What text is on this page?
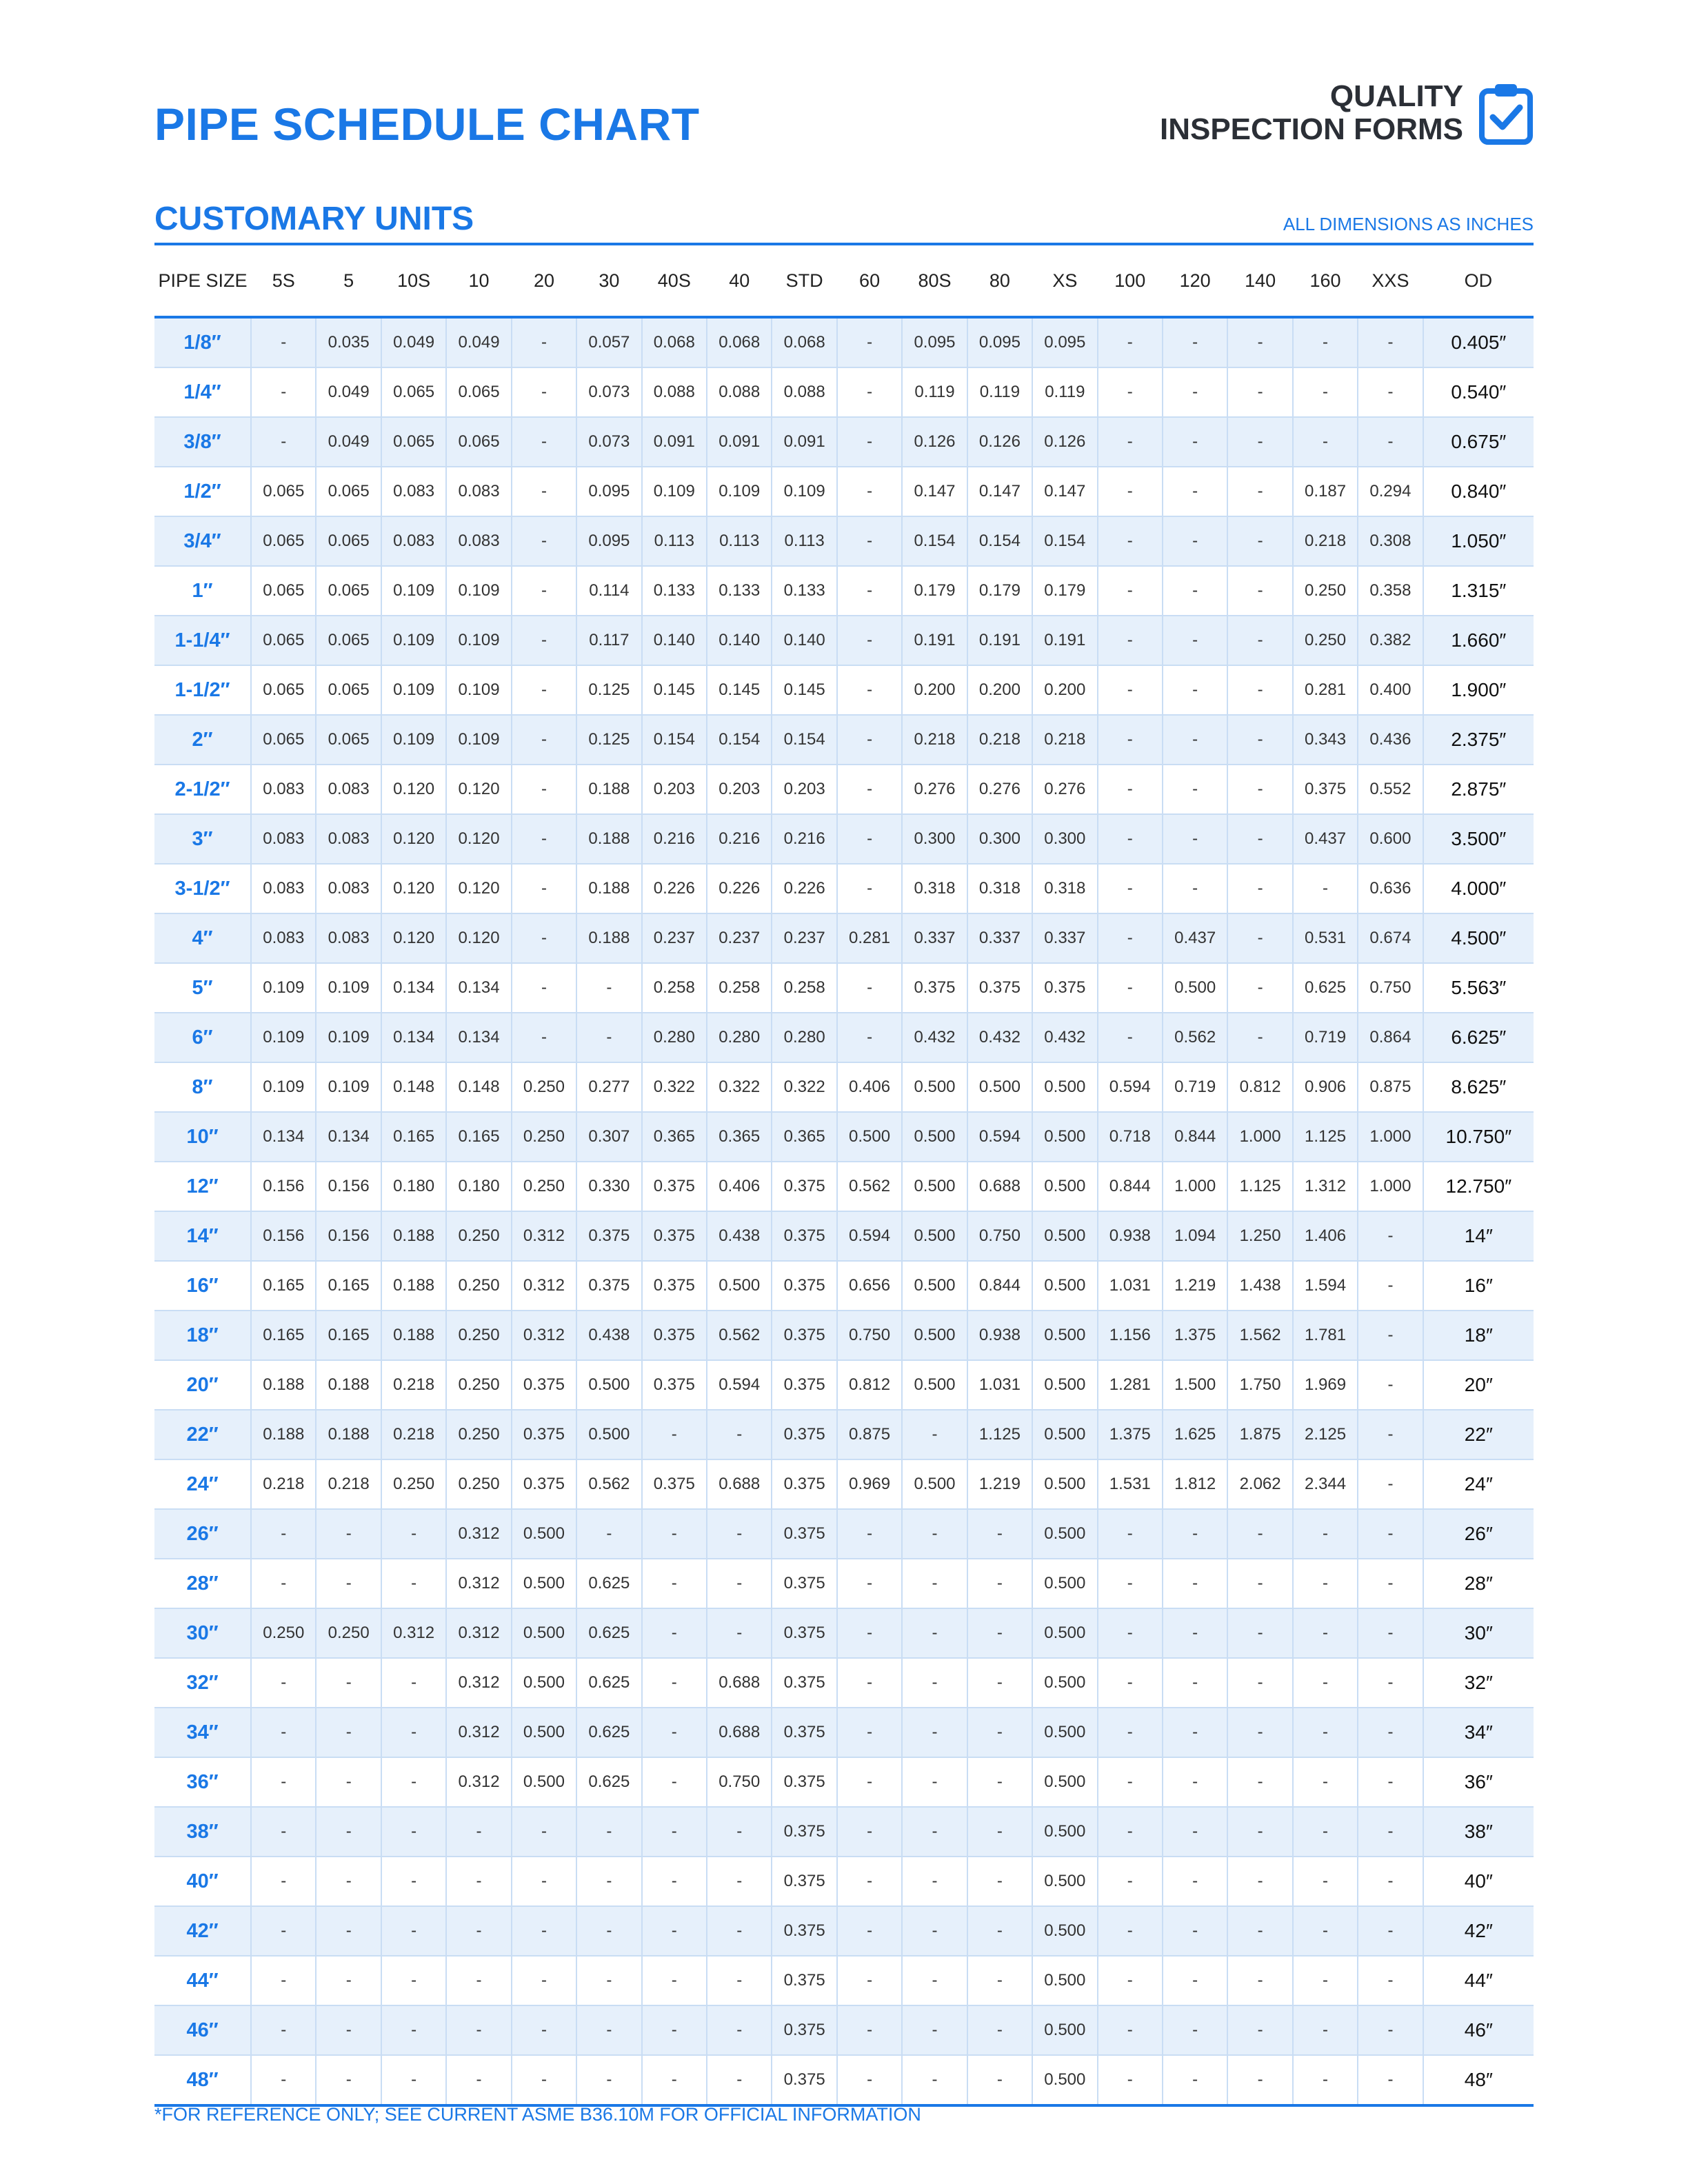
PIPE SCHEDULE CHART
QUALITY
INSPECTION FORMS
CUSTOMARY UNITS	ALL DIMENSIONS AS INCHES
PIPE SIZE	5S	5	10S	10	20	30	40S	40	STD	60	80S	80	XS	100	120	140	160	XXS	OD
1/8″	-	0.035	0.049	0.049	-	0.057	0.068	0.068	0.068	-	0.095	0.095	0.095	-	-	-	-	-	0.405″
1/4″	-	0.049	0.065	0.065	-	0.073	0.088	0.088	0.088	-	0.119	0.119	0.119	-	-	-	-	-	0.540″
3/8″	-	0.049	0.065	0.065	-	0.073	0.091	0.091	0.091	-	0.126	0.126	0.126	-	-	-	-	-	0.675″
1/2″	0.065	0.065	0.083	0.083	-	0.095	0.109	0.109	0.109	-	0.147	0.147	0.147	-	-	-	0.187	0.294	0.840″
3/4″	0.065	0.065	0.083	0.083	-	0.095	0.113	0.113	0.113	-	0.154	0.154	0.154	-	-	-	0.218	0.308	1.050″
1″	0.065	0.065	0.109	0.109	-	0.114	0.133	0.133	0.133	-	0.179	0.179	0.179	-	-	-	0.250	0.358	1.315″
1-1/4″	0.065	0.065	0.109	0.109	-	0.117	0.140	0.140	0.140	-	0.191	0.191	0.191	-	-	-	0.250	0.382	1.660″
1-1/2″	0.065	0.065	0.109	0.109	-	0.125	0.145	0.145	0.145	-	0.200	0.200	0.200	-	-	-	0.281	0.400	1.900″
2″	0.065	0.065	0.109	0.109	-	0.125	0.154	0.154	0.154	-	0.218	0.218	0.218	-	-	-	0.343	0.436	2.375″
2-1/2″	0.083	0.083	0.120	0.120	-	0.188	0.203	0.203	0.203	-	0.276	0.276	0.276	-	-	-	0.375	0.552	2.875″
3″	0.083	0.083	0.120	0.120	-	0.188	0.216	0.216	0.216	-	0.300	0.300	0.300	-	-	-	0.437	0.600	3.500″
3-1/2″	0.083	0.083	0.120	0.120	-	0.188	0.226	0.226	0.226	-	0.318	0.318	0.318	-	-	-	-	0.636	4.000″
4″	0.083	0.083	0.120	0.120	-	0.188	0.237	0.237	0.237	0.281	0.337	0.337	0.337	-	0.437	-	0.531	0.674	4.500″
5″	0.109	0.109	0.134	0.134	-	-	0.258	0.258	0.258	-	0.375	0.375	0.375	-	0.500	-	0.625	0.750	5.563″
6″	0.109	0.109	0.134	0.134	-	-	0.280	0.280	0.280	-	0.432	0.432	0.432	-	0.562	-	0.719	0.864	6.625″
8″	0.109	0.109	0.148	0.148	0.250	0.277	0.322	0.322	0.322	0.406	0.500	0.500	0.500	0.594	0.719	0.812	0.906	0.875	8.625″
10″	0.134	0.134	0.165	0.165	0.250	0.307	0.365	0.365	0.365	0.500	0.500	0.594	0.500	0.718	0.844	1.000	1.125	1.000	10.750″
12″	0.156	0.156	0.180	0.180	0.250	0.330	0.375	0.406	0.375	0.562	0.500	0.688	0.500	0.844	1.000	1.125	1.312	1.000	12.750″
14″	0.156	0.156	0.188	0.250	0.312	0.375	0.375	0.438	0.375	0.594	0.500	0.750	0.500	0.938	1.094	1.250	1.406	-	14″
16″	0.165	0.165	0.188	0.250	0.312	0.375	0.375	0.500	0.375	0.656	0.500	0.844	0.500	1.031	1.219	1.438	1.594	-	16″
18″	0.165	0.165	0.188	0.250	0.312	0.438	0.375	0.562	0.375	0.750	0.500	0.938	0.500	1.156	1.375	1.562	1.781	-	18″
20″	0.188	0.188	0.218	0.250	0.375	0.500	0.375	0.594	0.375	0.812	0.500	1.031	0.500	1.281	1.500	1.750	1.969	-	20″
22″	0.188	0.188	0.218	0.250	0.375	0.500	-	-	0.375	0.875	-	1.125	0.500	1.375	1.625	1.875	2.125	-	22″
24″	0.218	0.218	0.250	0.250	0.375	0.562	0.375	0.688	0.375	0.969	0.500	1.219	0.500	1.531	1.812	2.062	2.344	-	24″
26″	-	-	-	0.312	0.500	-	-	-	0.375	-	-	-	0.500	-	-	-	-	-	26″
28″	-	-	-	0.312	0.500	0.625	-	-	0.375	-	-	-	0.500	-	-	-	-	-	28″
30″	0.250	0.250	0.312	0.312	0.500	0.625	-	-	0.375	-	-	-	0.500	-	-	-	-	-	30″
32″	-	-	-	0.312	0.500	0.625	-	0.688	0.375	-	-	-	0.500	-	-	-	-	-	32″
34″	-	-	-	0.312	0.500	0.625	-	0.688	0.375	-	-	-	0.500	-	-	-	-	-	34″
36″	-	-	-	0.312	0.500	0.625	-	0.750	0.375	-	-	-	0.500	-	-	-	-	-	36″
38″	-	-	-	-	-	-	-	-	0.375	-	-	-	0.500	-	-	-	-	-	38″
40″	-	-	-	-	-	-	-	-	0.375	-	-	-	0.500	-	-	-	-	-	40″
42″	-	-	-	-	-	-	-	-	0.375	-	-	-	0.500	-	-	-	-	-	42″
44″	-	-	-	-	-	-	-	-	0.375	-	-	-	0.500	-	-	-	-	-	44″
46″	-	-	-	-	-	-	-	-	0.375	-	-	-	0.500	-	-	-	-	-	46″
48″	-	-	-	-	-	-	-	-	0.375	-	-	-	0.500	-	-	-	-	-	48″
*FOR REFERENCE ONLY; SEE CURRENT ASME B36.10M FOR OFFICIAL INFORMATION
